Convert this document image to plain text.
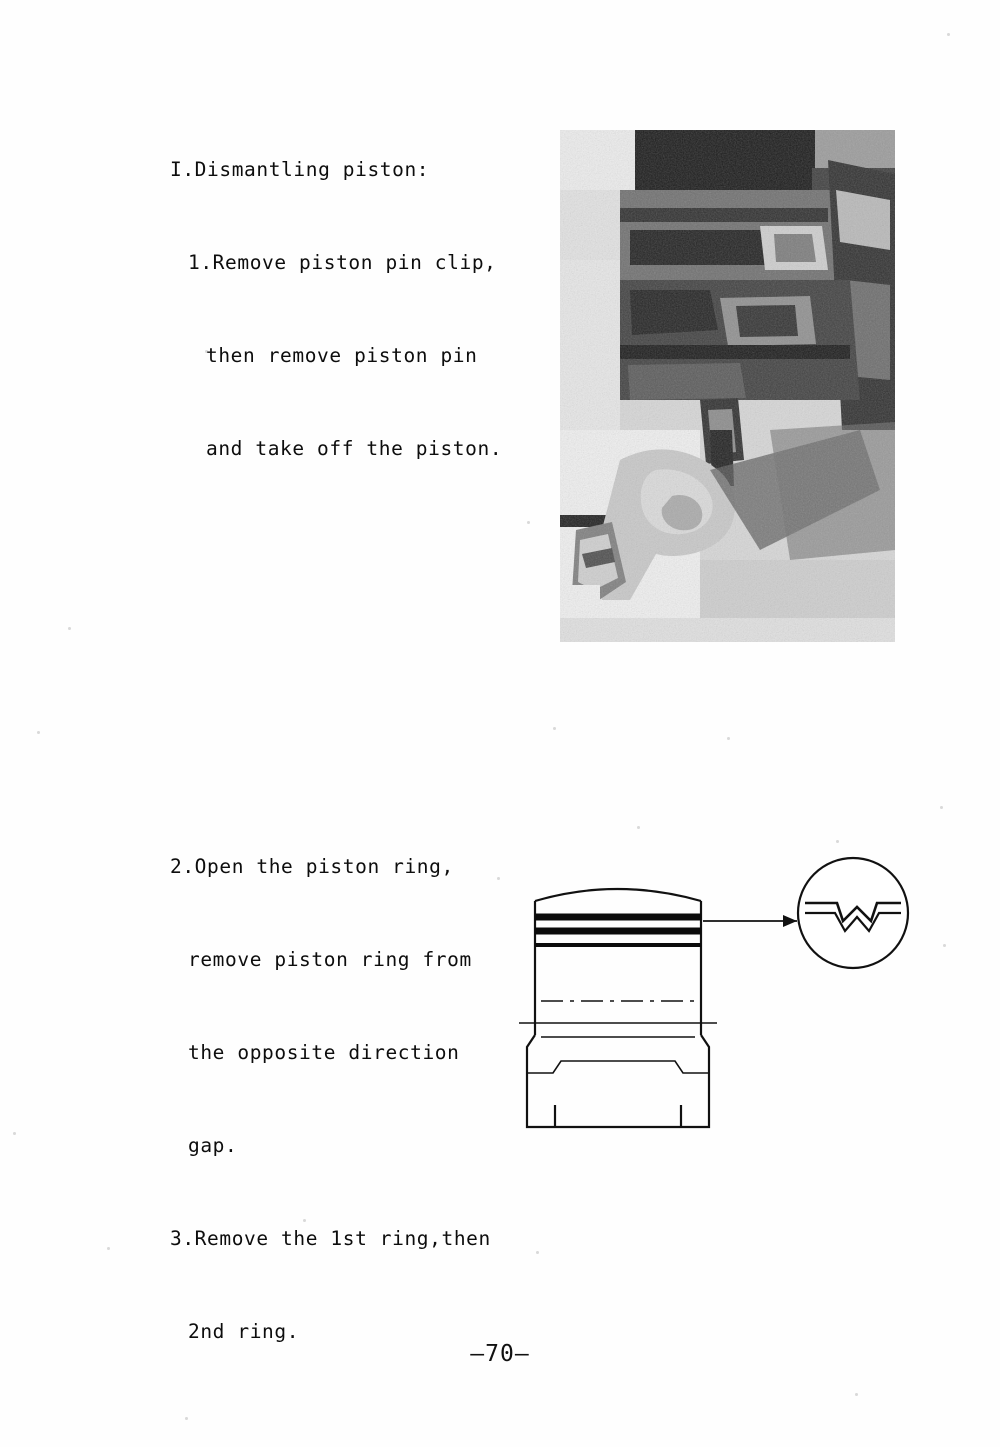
I.Dismantling piston:

1.Remove piston pin clip,

then remove piston pin

and take off the piston.

2.Open the piston ring,

remove piston ring from

the opposite direction

gap.

3.Remove the 1st ring,then

2nd ring.

—70—
